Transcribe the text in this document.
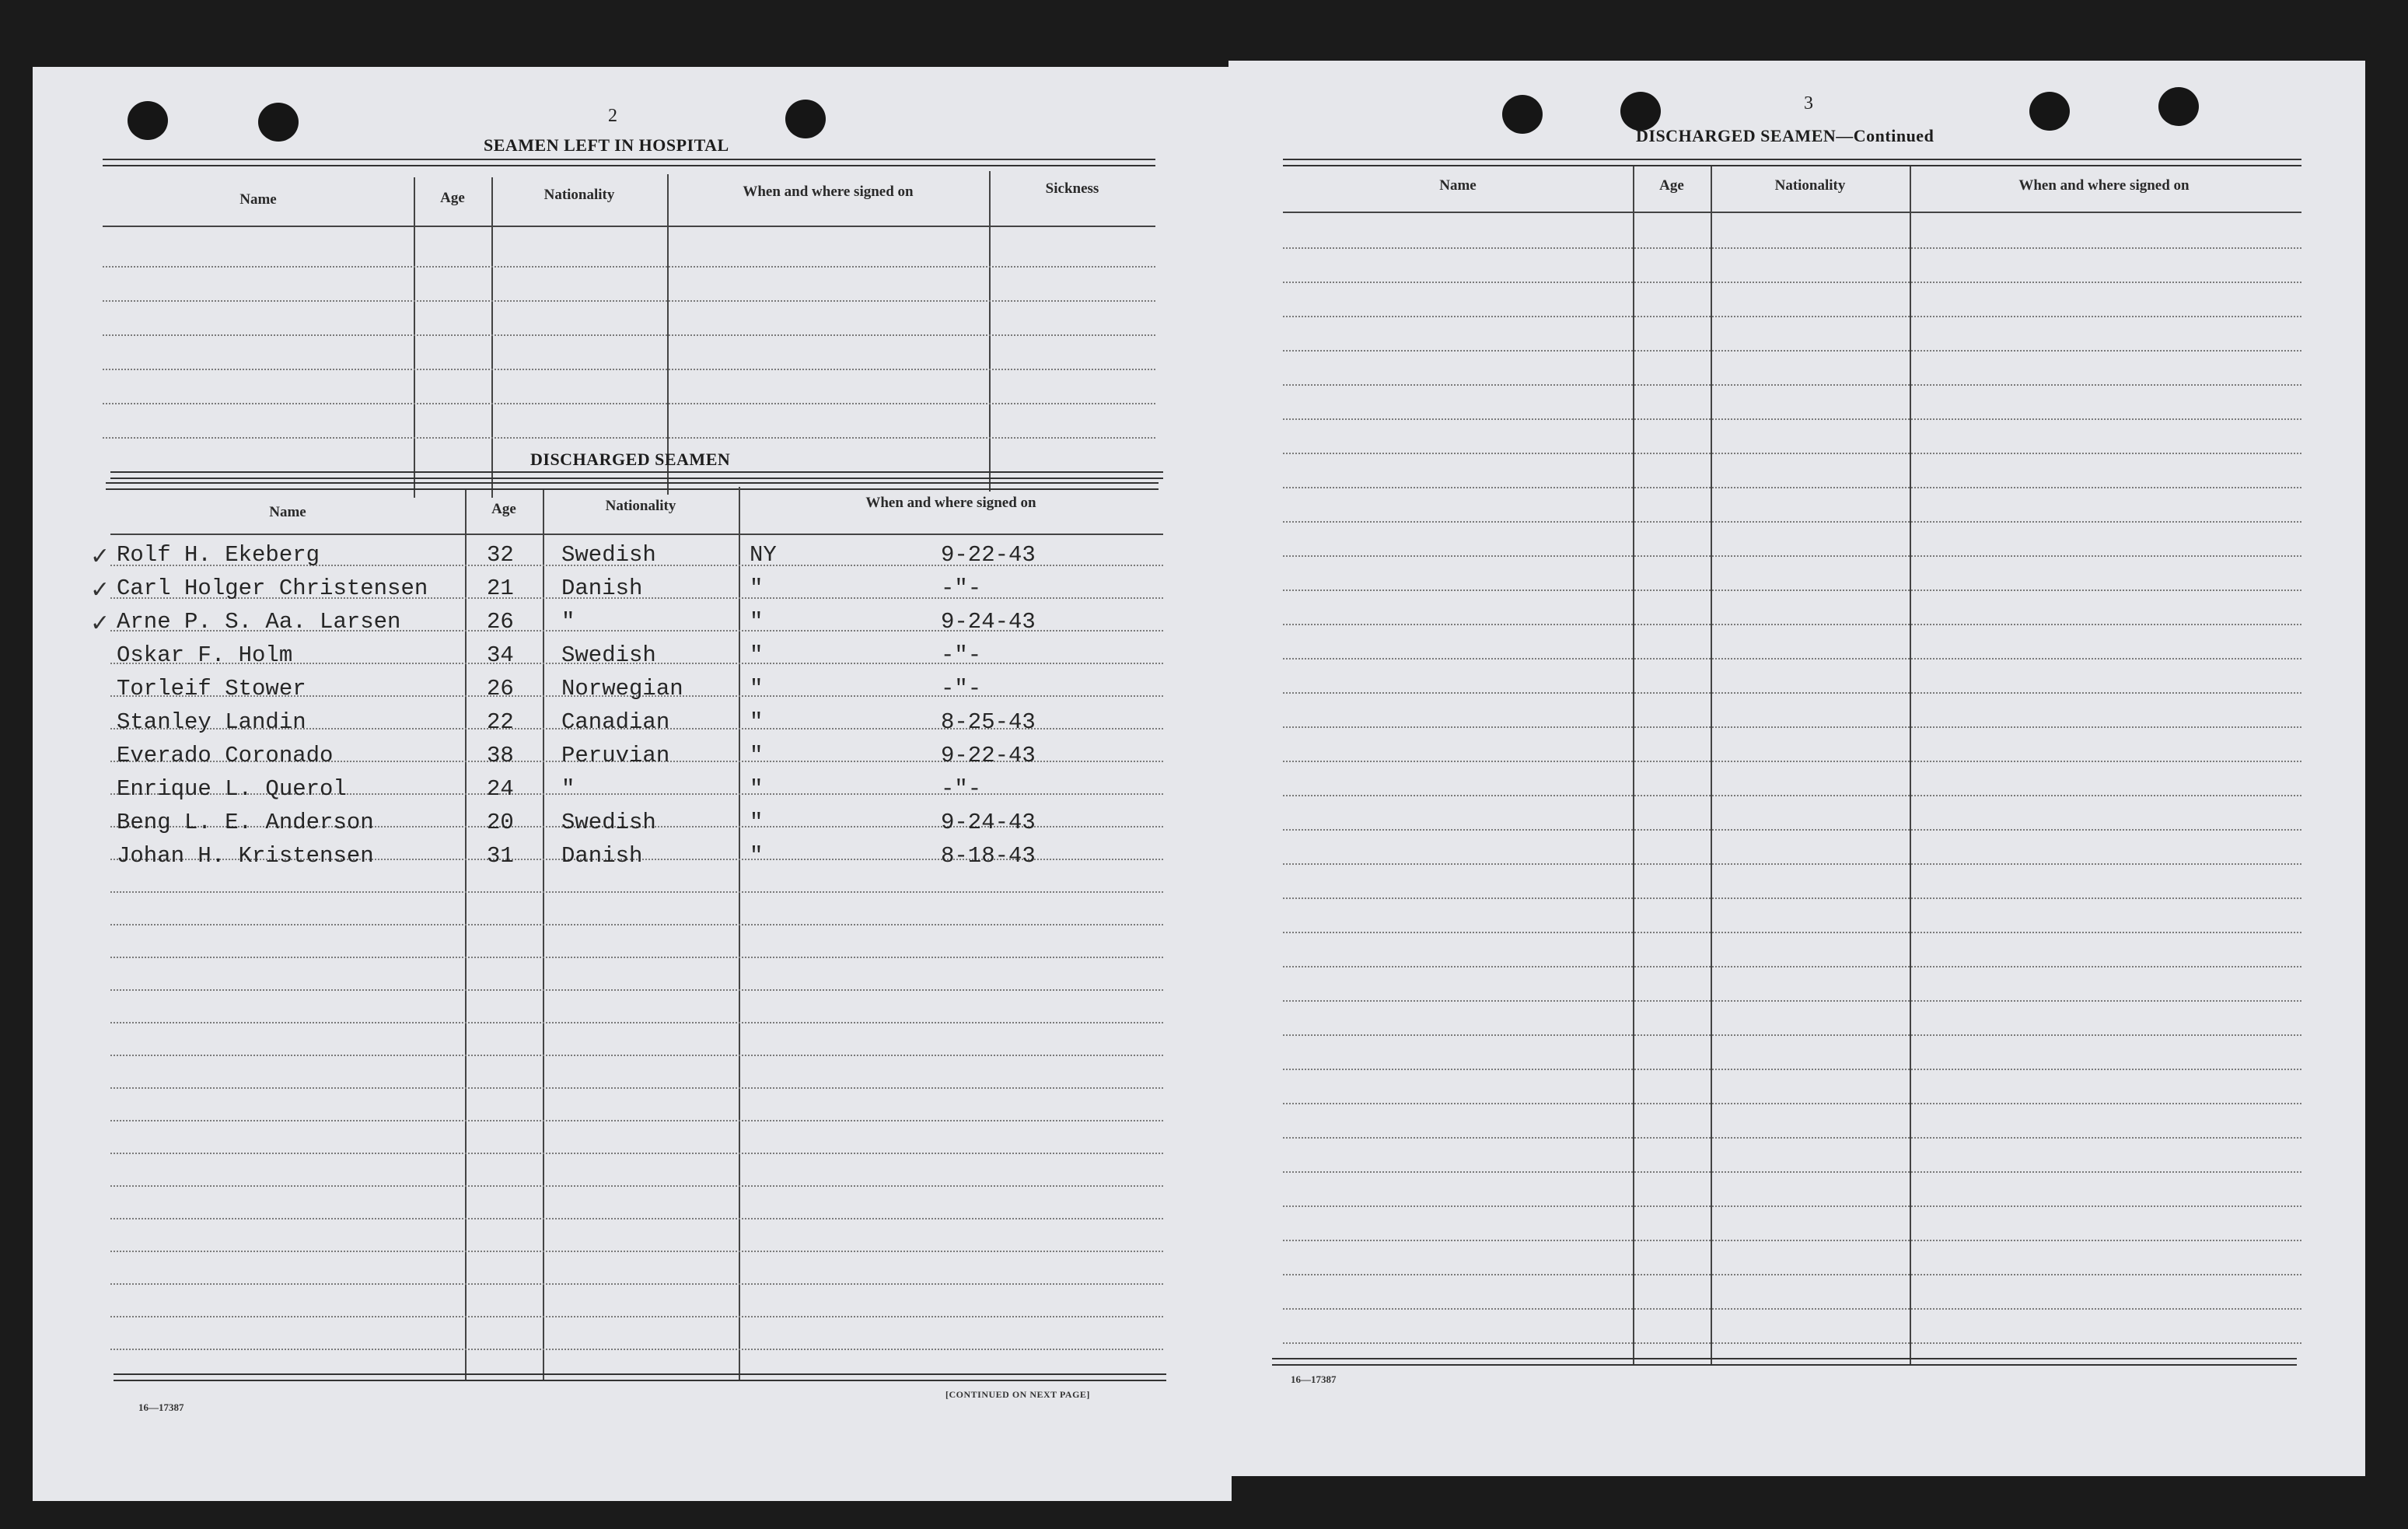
2
SEAMEN LEFT IN HOSPITAL
Name	Age	Nationality	When and where signed on	Sickness
DISCHARGED SEAMEN
Name	Age	Nationality	When and where signed on
✓ Rolf H. Ekeberg	32 Swedish	NY	9-22-43
✓ Carl Holger Christensen	21 Danish	"	-"-
✓ Arne P. S. Aa. Larsen	26 "	"	9-24-43
Oskar F. Holm	34 Swedish	"	-"-
Torleif Stower	26 Norwegian	"	-"-
Stanley Landin	22 Canadian	"	8-25-43
Everado Coronado	38 Peruvian	"	9-22-43
Enrique L. Querol	24 "	"	-"-
Beng L. E. Anderson	20 Swedish	"	9-24-43
Johan H. Kristensen	31 Danish	"	8-18-43
16—17387
[CONTINUED ON NEXT PAGE]
3
DISCHARGED SEAMEN—Continued
Name	Age	Nationality	When and where signed on
16—17387
